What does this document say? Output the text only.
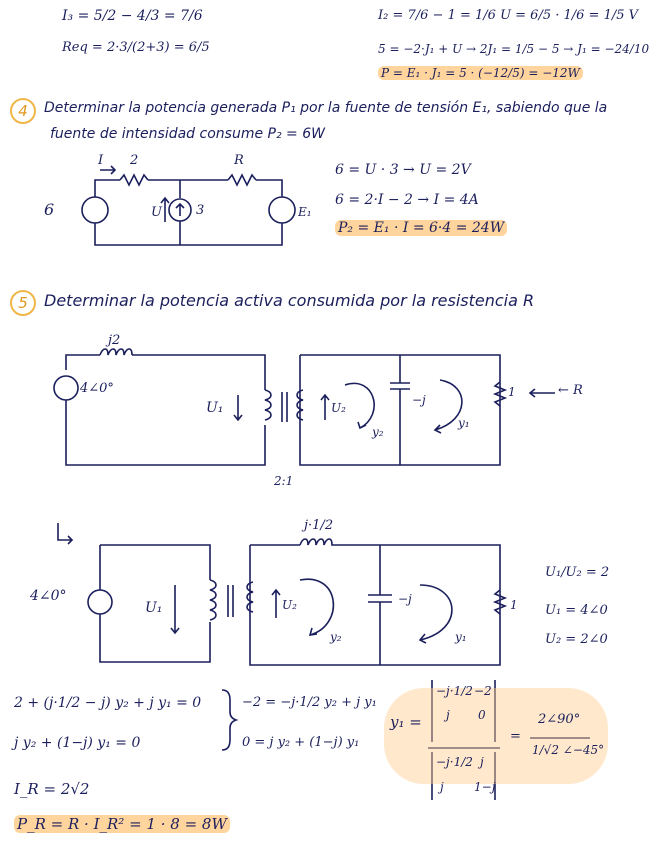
I₃ = 5/2 − 4/3 = 7/6
Req = 2·3/(2+3) = 6/5
I₂ = 7/6 − 1 = 1/6 U = 6/5 · 1/6 = 1/5 V
5 = −2·J₁ + U → 2J₁ = 1/5 − 5 → J₁ = −24/10
P = E₁ · J₁ = 5 · (−12/5) = −12W
4	Determinar la potencia generada P₁ por la fuente de tensión E₁, sabiendo que la
fuente de intensidad consume P₂ = 6W
I 2	R
6	U	3	E₁
6 = U · 3 → U = 2V
6 = 2·I − 2 → I = 4A
P₂ = E₁ · I = 6·4 = 24W
5	Determinar la potencia activa consumida por la resistencia R
j2
4∠0°
U₁	U₂
−j
y₂
y₁
1	← R
2:1
j·1/2
4∠0°
U₁	U₂	−j
y₂	y₁
1
U₁/U₂ = 2
U₁ = 4∠0
U₂ = 2∠0
2 + (j·1/2 − j) y₂ + j y₁ = 0
j y₂ + (1−j) y₁ = 0
−2 = −j·1/2 y₂ + j y₁
0 = j y₂ + (1−j) y₁
y₁ =
−j·1/2 −2
j 0
−j·1/2 j
j	1−j
=
2∠90°
1/√2 ∠−45°
I_R = 2√2
P_R = R · I_R² = 1 · 8 = 8W
